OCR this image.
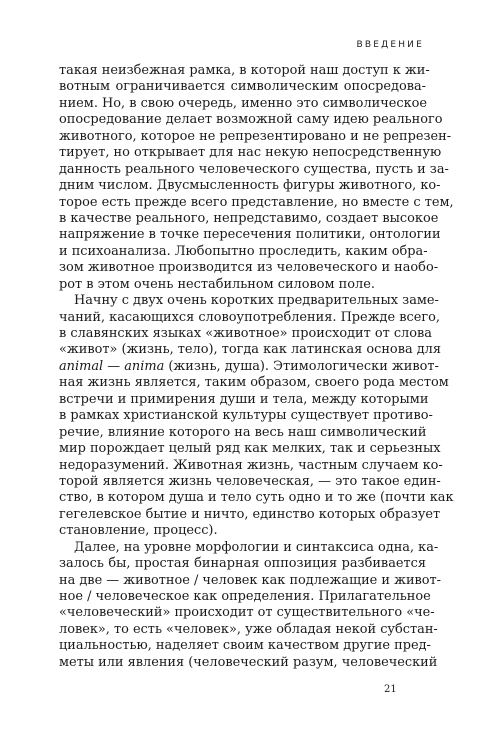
ВВЕДЕНИЕ
такая неизбежная рамка, в которой наш доступ к жи-
вотным ограничивается символическим опосредова-
нием. Но, в свою очередь, именно это символическое
опосредование делает возможной саму идею реального
животного, которое не репрезентировано и не репрезен-
тирует, но открывает для нас некую непосредственную
данность реального человеческого существа, пусть и за-
дним числом. Двусмысленность фигуры животного, ко-
торое есть прежде всего представление, но вместе с тем,
в качестве реального, непредставимо, создает высокое
напряжение в точке пересечения политики, онтологии
и психоанализа. Любопытно проследить, каким обра-
зом животное производится из человеческого и наобо-
рот в этом очень нестабильном силовом поле.
Начну с двух очень коротких предварительных заме-
чаний, касающихся словоупотребления. Прежде всего,
в славянских языках «животное» происходит от слова
«живот» (жизнь, тело), тогда как латинская основа для
animal — anima (жизнь, душа). Этимологически живот-
ная жизнь является, таким образом, своего рода местом
встречи и примирения души и тела, между которыми
в рамках христианской культуры существует противо-
речие, влияние которого на весь наш символический
мир порождает целый ряд как мелких, так и серьезных
недоразумений. Животная жизнь, частным случаем ко-
торой является жизнь человеческая, — это такое един-
ство, в котором душа и тело суть одно и то же (почти как
гегелевское бытие и ничто, единство которых образует
становление, процесс).
Далее, на уровне морфологии и синтаксиса одна, ка-
залось бы, простая бинарная оппозиция разбивается
на две — животное / человек как подлежащие и живот-
ное / человеческое как определения. Прилагательное
«человеческий» происходит от существительного «че-
ловек», то есть «человек», уже обладая некой субстан-
циальностью, наделяет своим качеством другие пред-
меты или явления (человеческий разум, человеческий
21
